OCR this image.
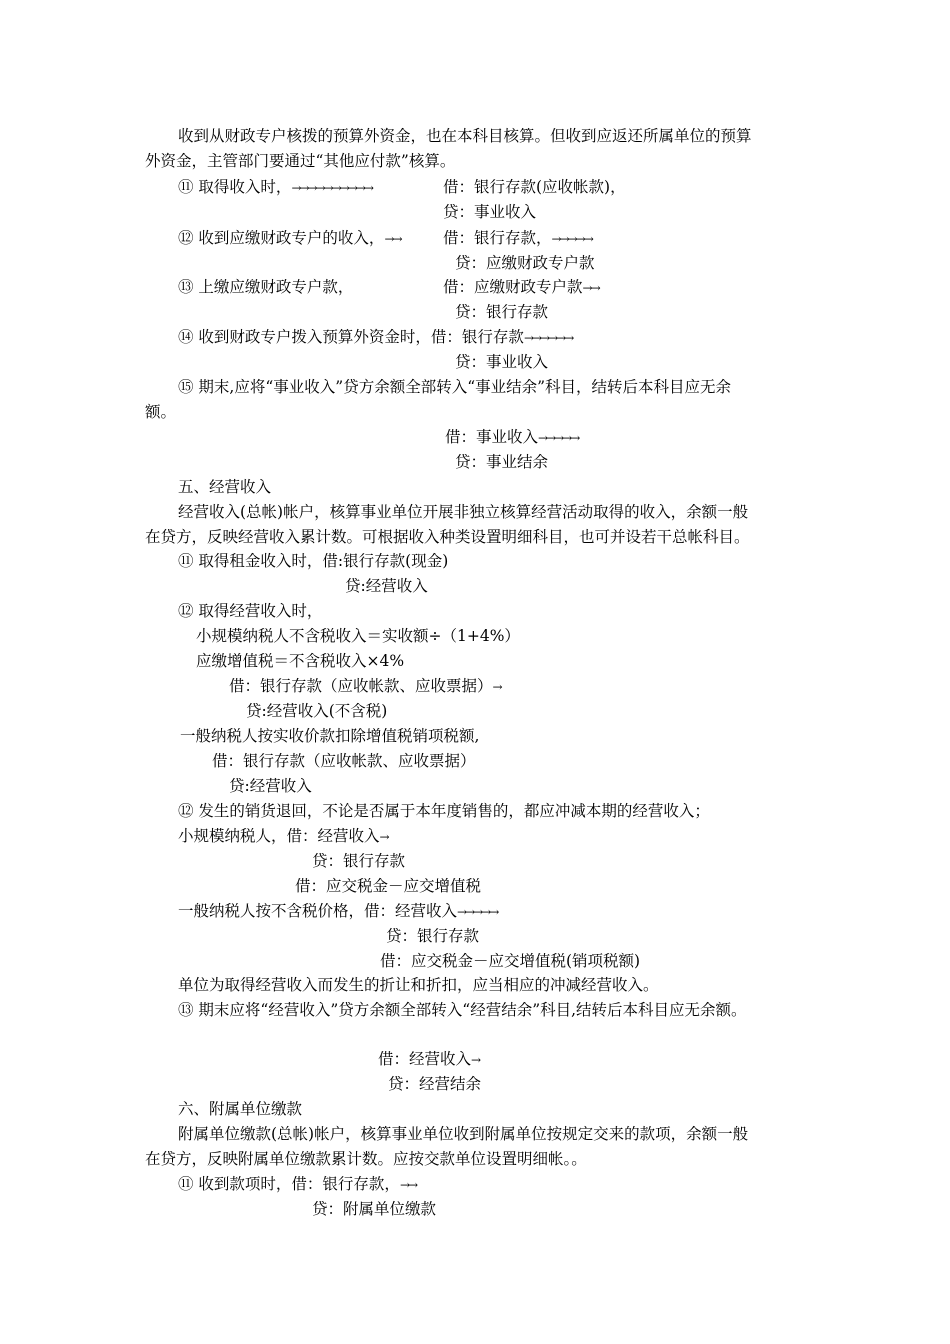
收到从财政专户核拨的预算外资金，也在本科目核算。但收到应返还所属单位的预算
外资金，主管部门要通过“其他应付款”核算。
⑪ 取得收入时，→→→→→→→→→→	借：银行存款(应收帐款)，
贷：事业收入
⑫ 收到应缴财政专户的收入，→→	借：银行存款，→→→→→
贷：应缴财政专户款
⑬ 上缴应缴财政专户款，	借：应缴财政专户款→→
贷：银行存款
⑭ 收到财政专户拨入预算外资金时，借：银行存款→→→→→→
贷：事业收入
⑮ 期末,应将“事业收入”贷方余额全部转入“事业结余”科目，结转后本科目应无余
额。
借：事业收入→→→→→
贷：事业结余
五、经营收入
经营收入(总帐)帐户，核算事业单位开展非独立核算经营活动取得的收入，余额一般
在贷方，反映经营收入累计数。可根据收入种类设置明细科目，也可并设若干总帐科目。
⑪ 取得租金收入时，借:银行存款(现金)
贷:经营收入
⑫ 取得经营收入时，
小规模纳税人不含税收入＝实收额÷（1+4%）
应缴增值税＝不含税收入×4%
借：银行存款（应收帐款、应收票据）→
贷:经营收入(不含税)
一般纳税人按实收价款扣除增值税销项税额,
借：银行存款（应收帐款、应收票据）
贷:经营收入
⑫ 发生的销货退回，不论是否属于本年度销售的，都应冲减本期的经营收入；
小规模纳税人，借：经营收入→
贷：银行存款
借：应交税金－应交增值税
一般纳税人按不含税价格，借：经营收入→→→→→
贷：银行存款
借：应交税金－应交增值税(销项税额)
单位为取得经营收入而发生的折让和折扣，应当相应的冲减经营收入。
⑬ 期末应将“经营收入”贷方余额全部转入“经营结余”科目,结转后本科目应无余额。
借：经营收入→
贷：经营结余
六、附属单位缴款
附属单位缴款(总帐)帐户，核算事业单位收到附属单位按规定交来的款项，余额一般
在贷方，反映附属单位缴款累计数。应按交款单位设置明细帐。。
⑪ 收到款项时，借：银行存款，→→
贷：附属单位缴款
